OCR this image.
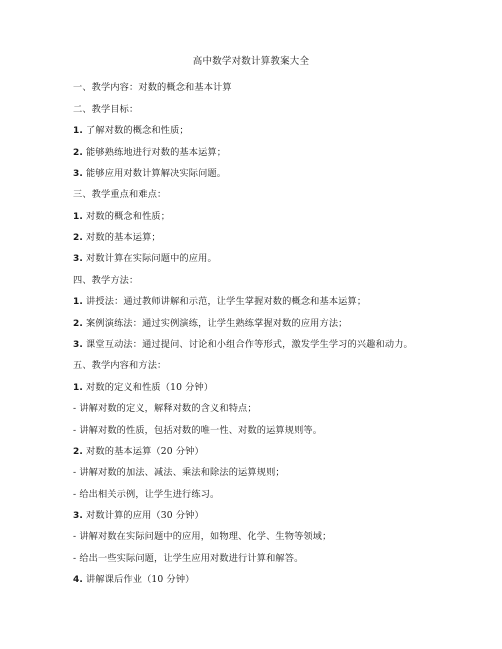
高中数学对数计算教案大全
一、教学内容：对数的概念和基本计算
二、教学目标：
1. 了解对数的概念和性质；
2. 能够熟练地进行对数的基本运算；
3. 能够应用对数计算解决实际问题。
三、教学重点和难点：
1. 对数的概念和性质；
2. 对数的基本运算；
3. 对数计算在实际问题中的应用。
四、教学方法：
1. 讲授法：通过教师讲解和示范，让学生掌握对数的概念和基本运算；
2. 案例演练法：通过实例演练，让学生熟练掌握对数的应用方法；
3. 课堂互动法：通过提问、讨论和小组合作等形式，激发学生学习的兴趣和动力。
五、教学内容和方法：
1. 对数的定义和性质（10 分钟）
- 讲解对数的定义，解释对数的含义和特点；
- 讲解对数的性质，包括对数的唯一性、对数的运算规则等。
2. 对数的基本运算（20 分钟）
- 讲解对数的加法、减法、乘法和除法的运算规则；
- 给出相关示例，让学生进行练习。
3. 对数计算的应用（30 分钟）
- 讲解对数在实际问题中的应用，如物理、化学、生物等领域；
- 给出一些实际问题，让学生应用对数进行计算和解答。
4. 讲解课后作业（10 分钟）
